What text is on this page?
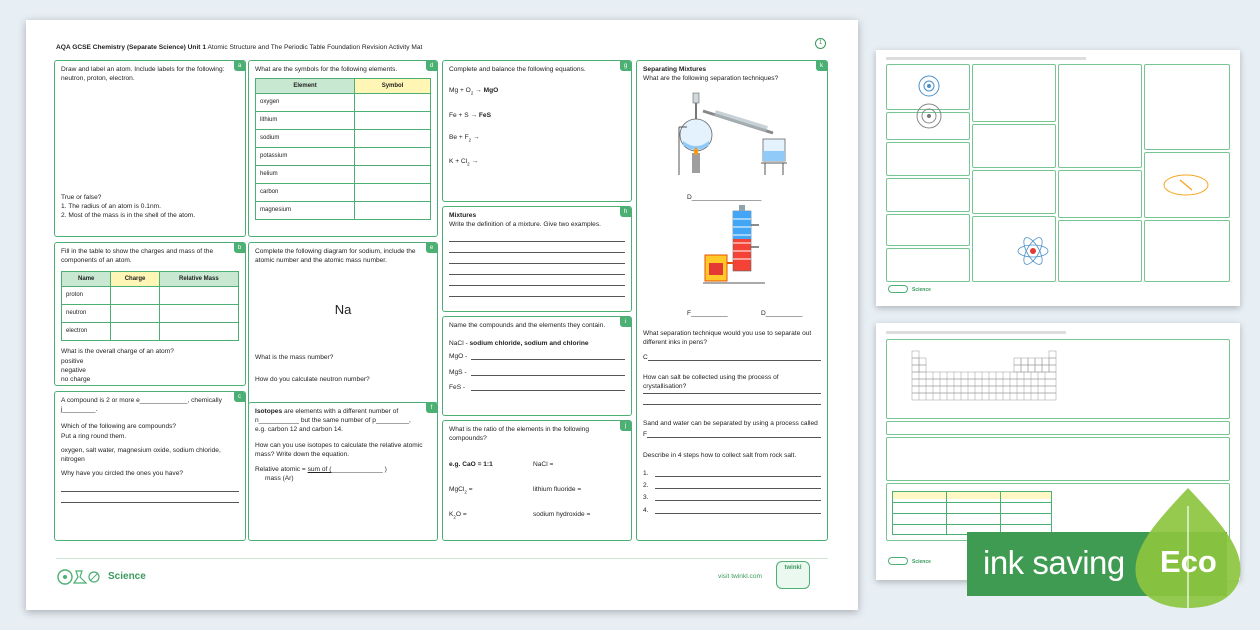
AQA GCSE Chemistry (Separate Science) Unit 1 Atomic Structure and The Periodic Table Foundation Revision Activity Mat
1
a
Draw and label an atom. Include labels for the following: neutron, proton, electron.
True or false?
1. The radius of an atom is 0.1nm.
2. Most of the mass is in the shell of the atom.
b
Fill in the table to show the charges and mass of the components of an atom.
Name	Charge	Relative Mass
proton		
neutron		
electron		
What is the overall charge of an atom?
positive
negative
no charge
c
A compound is 2 or more e_____________, chemically
j_________.
Which of the following are compounds?
Put a ring round them.
oxygen, salt water, magnesium oxide, sodium chloride, nitrogen
Why have you circled the ones you have?
d
What are the symbols for the following elements.
Element	Symbol
oxygen	
lithium	
sodium	
potassium	
helium	
carbon	
magnesium	
e
Complete the following diagram for sodium, include the atomic number and the atomic mass number.
Na
What is the mass number?
How do you calculate neutron number?
f
Isotopes are elements with a different number of
n___________ but the same number of p_________,
e.g. carbon 12 and carbon 14.
How can you use isotopes to calculate the relative atomic mass? Write down the equation.
Relative atomic = sum of (______________ )
mass (Ar)
g
Complete and balance the following equations.
$Mg + O_2$ → MgO
Fe + S → FeS
$Be + F_2$ →
$K + Cl_2$ →
h
Mixtures
Write the definition of a mixture. Give two examples.
i
Name the compounds and the elements they contain.
NaCl - sodium chloride, sodium and chlorine
MgO -
MgS -
FeS -
j
What is the ratio of the elements in the following compounds?
e.g. CaO = 1:1	NaCl =
MgCl$_2$ =	lithium fluoride =
$K_2O$ =	sodium hydroxide =
k
Separating Mixtures
What are the following separation techniques?
D___________________
F__________	D__________
What separation technique would you use to separate out different inks in pens?
C
How can salt be collected using the process of crystallisation?
Sand and water can be separated by using a process called
F
Describe in 4 steps how to collect salt from rock salt.
1.
2.
3.
4.
Science	visit twinkl.com
twinkl
Science
Science ink saving Eco
